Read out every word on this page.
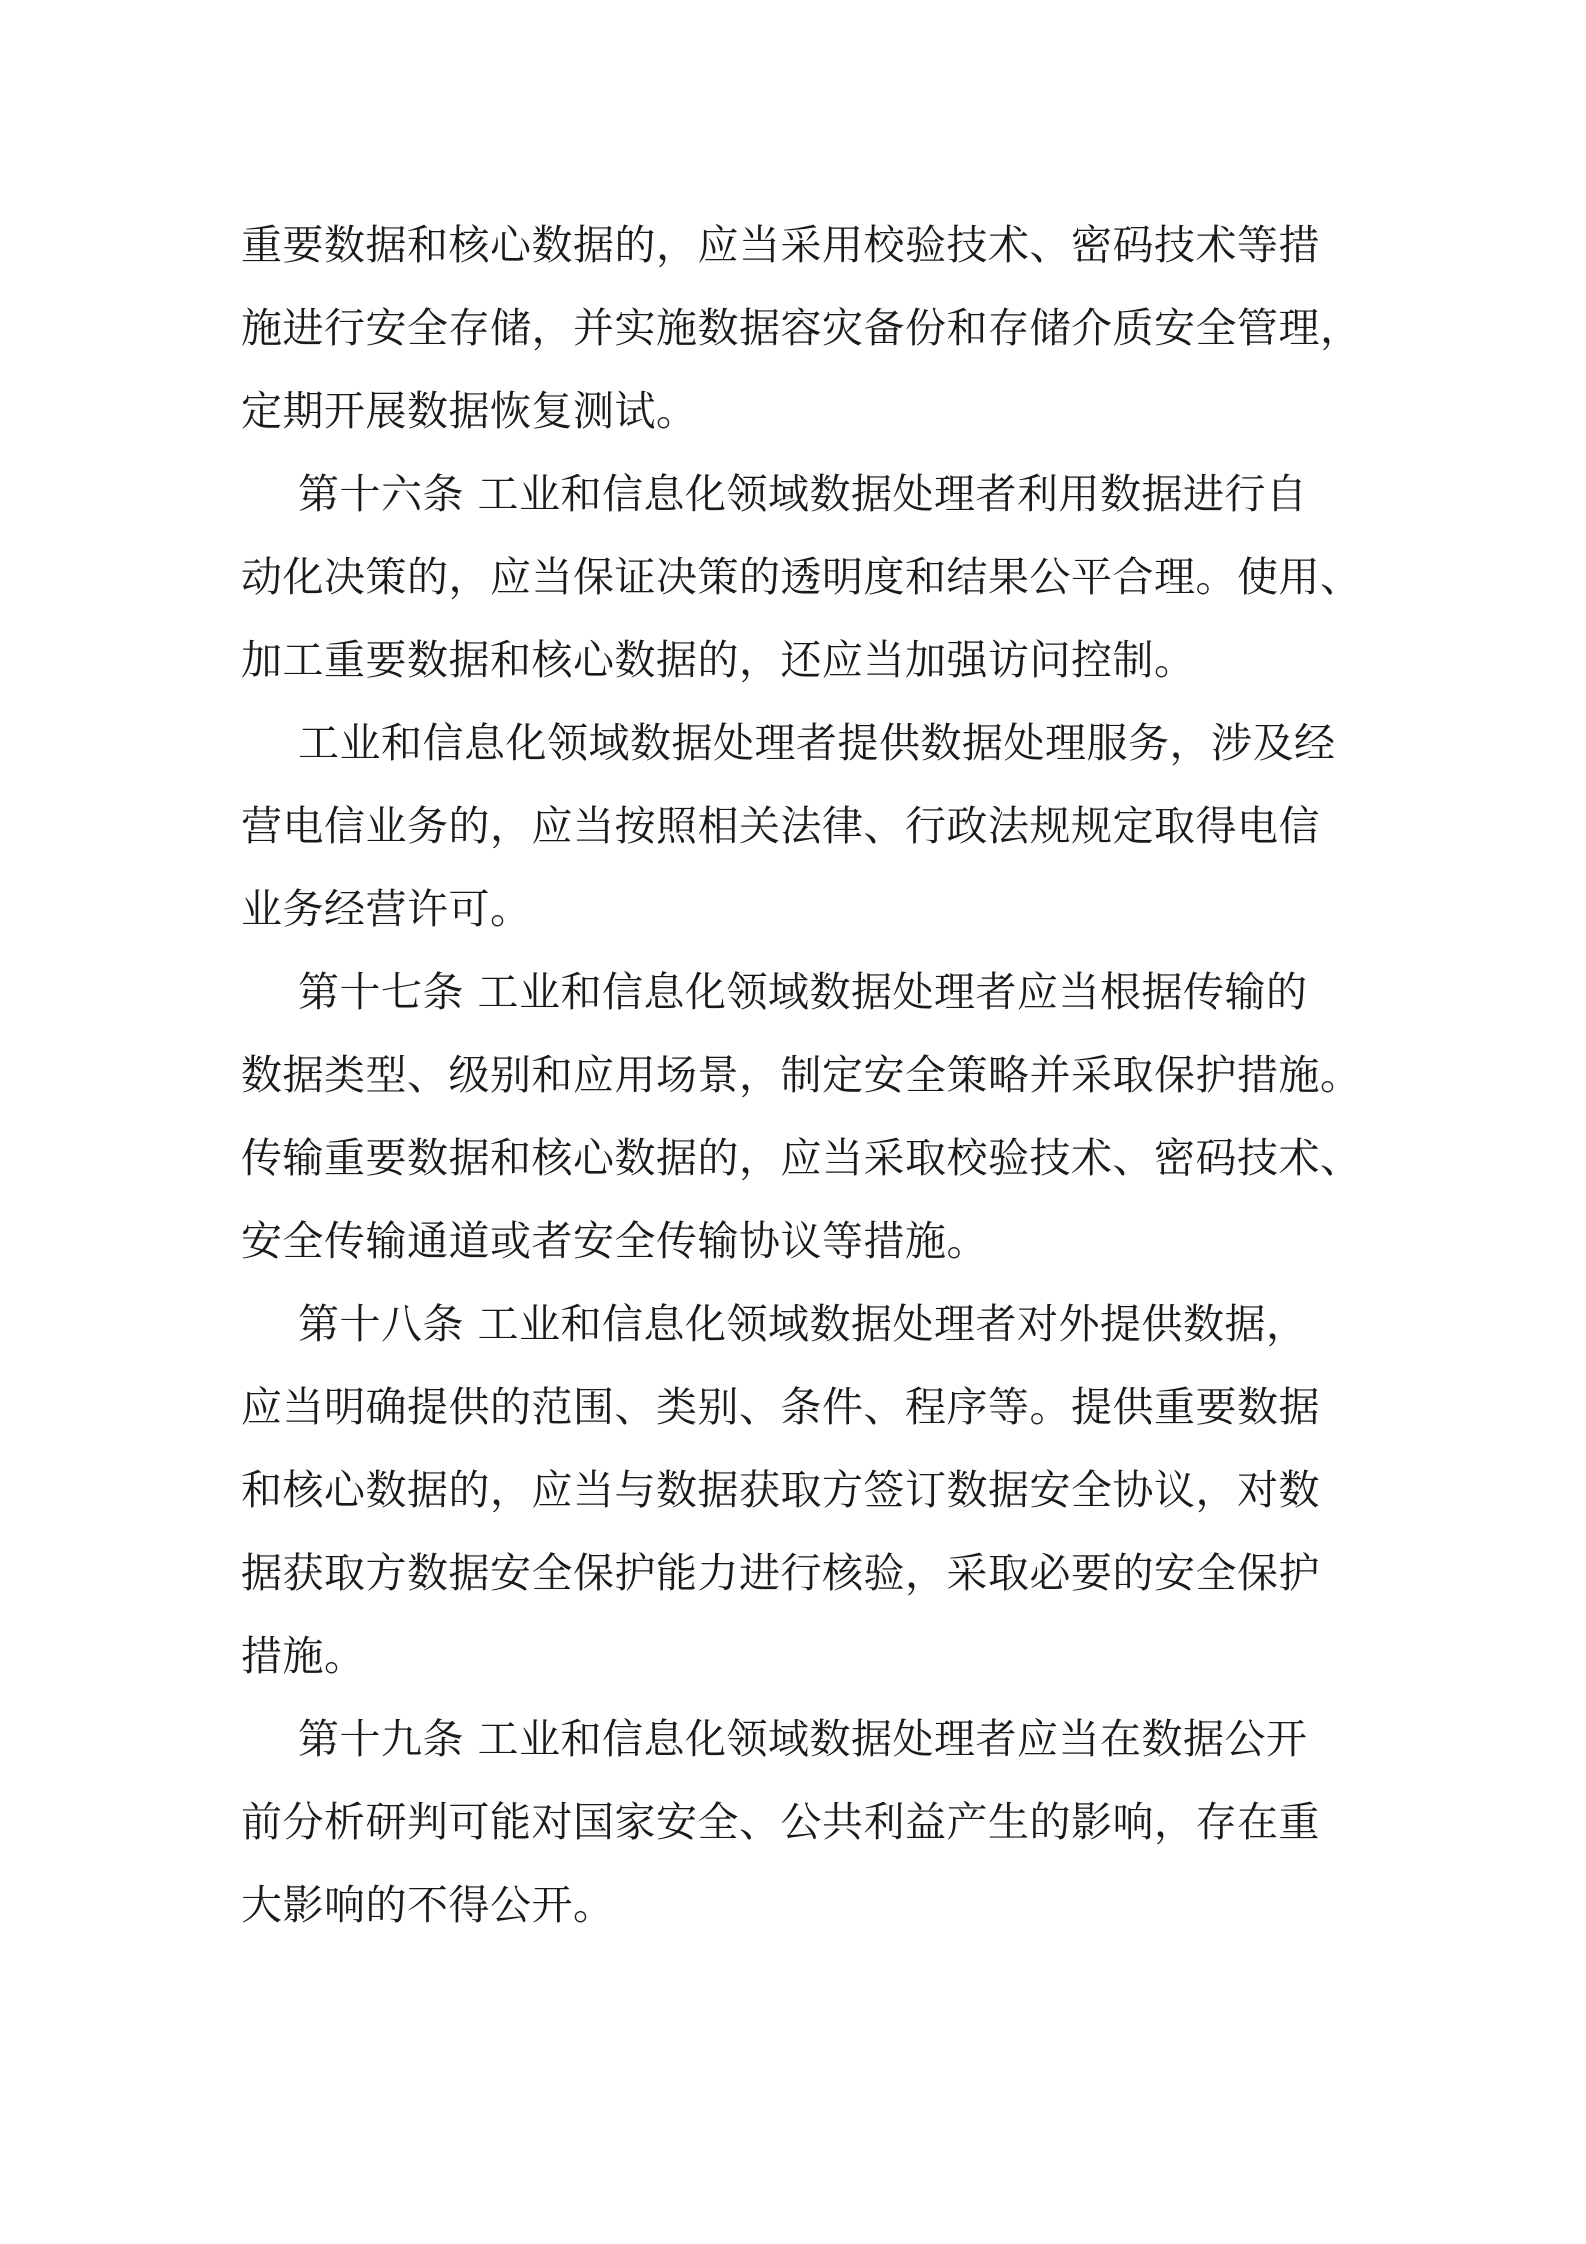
重要数据和核心数据的，应当采用校验技术、密码技术等措
施进行安全存储，并实施数据容灾备份和存储介质安全管理，
定期开展数据恢复测试。
第十六条 工业和信息化领域数据处理者利用数据进行自
动化决策的，应当保证决策的透明度和结果公平合理。使用、
加工重要数据和核心数据的，还应当加强访问控制。
工业和信息化领域数据处理者提供数据处理服务，涉及经
营电信业务的，应当按照相关法律、行政法规规定取得电信
业务经营许可。
第十七条 工业和信息化领域数据处理者应当根据传输的
数据类型、级别和应用场景，制定安全策略并采取保护措施。
传输重要数据和核心数据的，应当采取校验技术、密码技术、
安全传输通道或者安全传输协议等措施。
第十八条 工业和信息化领域数据处理者对外提供数据，
应当明确提供的范围、类别、条件、程序等。提供重要数据
和核心数据的，应当与数据获取方签订数据安全协议，对数
据获取方数据安全保护能力进行核验，采取必要的安全保护
措施。
第十九条 工业和信息化领域数据处理者应当在数据公开
前分析研判可能对国家安全、公共利益产生的影响，存在重
大影响的不得公开。
